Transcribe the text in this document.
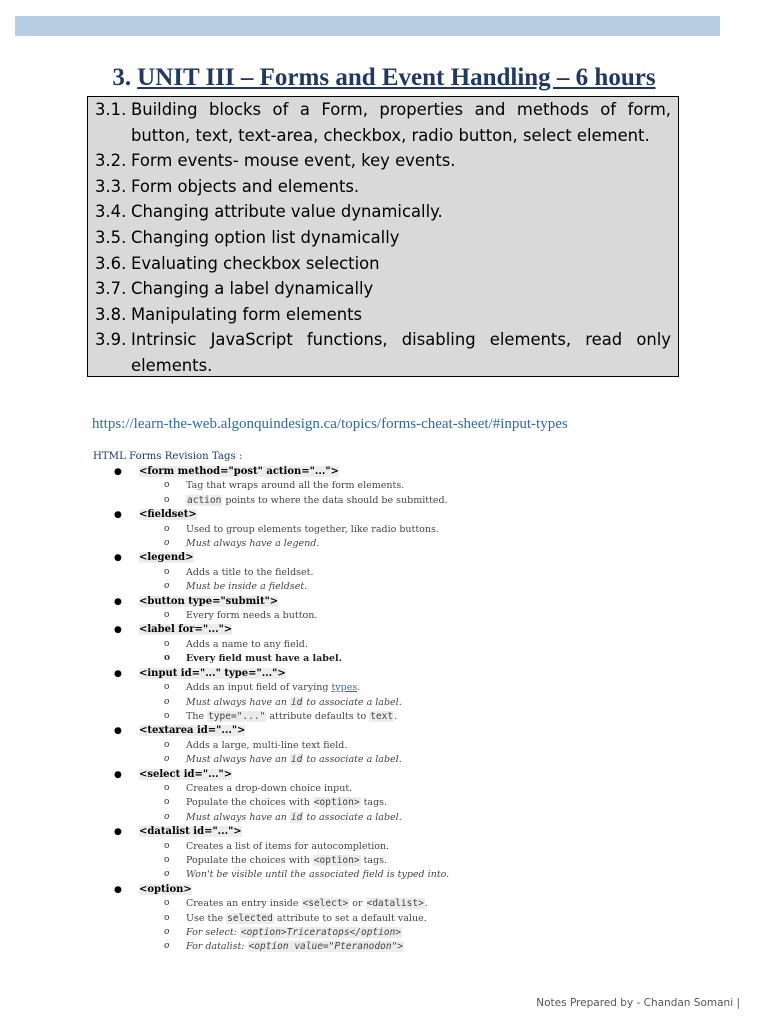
3. UNIT III – Forms and Event Handling – 6 hours
3.1. Building blocks of a Form, properties and methods of form,
button, text, text-area, checkbox, radio button, select element.
3.2. Form events- mouse event, key events.
3.3. Form objects and elements.
3.4. Changing attribute value dynamically.
3.5. Changing option list dynamically
3.6. Evaluating checkbox selection
3.7. Changing a label dynamically
3.8. Manipulating form elements
3.9. Intrinsic JavaScript functions, disabling elements, read only
elements.
https://learn-the-web.algonquindesign.ca/topics/forms-cheat-sheet/#input-types
HTML Forms Revision Tags :
● <form method="post" action="...">
o Tag that wraps around all the form elements.
o action points to where the data should be submitted.
● <fieldset>
o Used to group elements together, like radio buttons.
o Must always have a legend.
● <legend>
o Adds a title to the fieldset.
o Must be inside a fieldset.
● <button type="submit">
o Every form needs a button.
● <label for="...">
o Adds a name to any field.
o Every field must have a label.
● <input id="..." type="...">
o Adds an input field of varying types.
o Must always have an id to associate a label.
o The type="..." attribute defaults to text.
● <textarea id="...">
o Adds a large, multi-line text field.
o Must always have an id to associate a label.
● <select id="...">
o Creates a drop-down choice input.
o Populate the choices with <option> tags.
o Must always have an id to associate a label.
● <datalist id="...">
o Creates a list of items for autocompletion.
o Populate the choices with <option> tags.
o Won't be visible until the associated field is typed into.
● <option>
o Creates an entry inside <select> or <datalist>.
o Use the selected attribute to set a default value.
o For select: <option>Triceratops</option>
o For datalist: <option value="Pteranodon">
Notes Prepared by - Chandan Somani |
